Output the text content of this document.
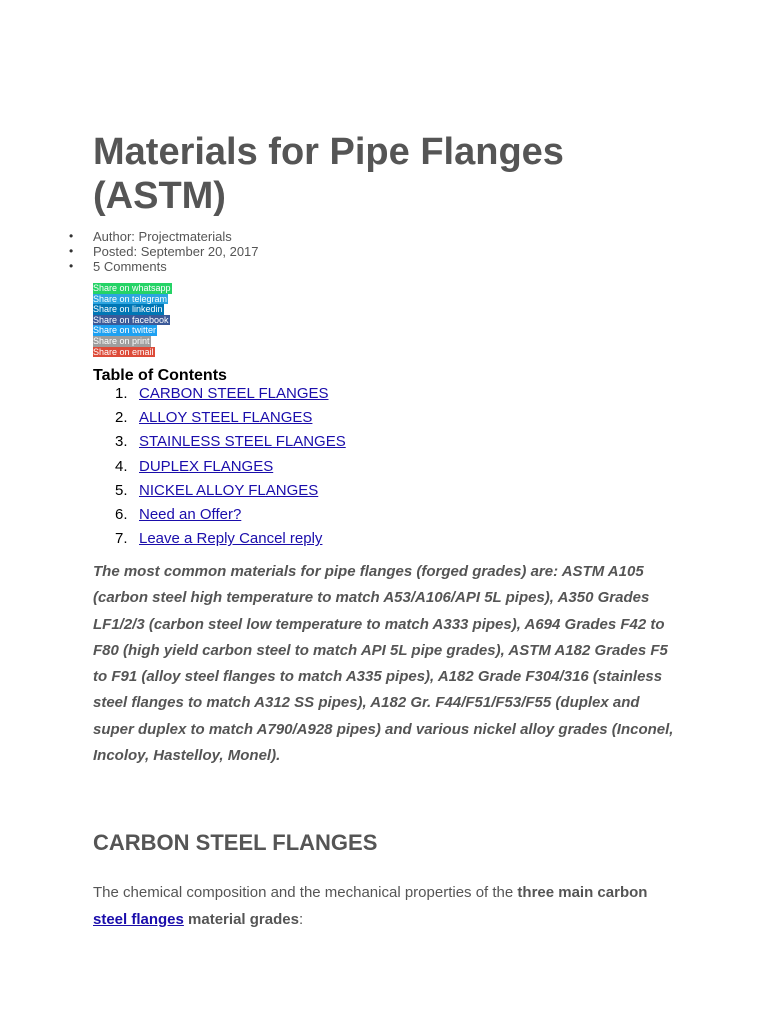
Materials for Pipe Flanges (ASTM)
• Author: Projectmaterials
• Posted: September 20, 2017
• 5 Comments
Share on whatsapp
Share on telegram
Share on linkedin
Share on facebook
Share on twitter
Share on print
Share on email
Table of Contents
1. CARBON STEEL FLANGES
2. ALLOY STEEL FLANGES
3. STAINLESS STEEL FLANGES
4. DUPLEX FLANGES
5. NICKEL ALLOY FLANGES
6. Need an Offer?
7. Leave a Reply Cancel reply

The most common materials for pipe flanges (forged grades) are: ASTM A105 (carbon steel high temperature to match A53/A106/API 5L pipes), A350 Grades LF1/2/3 (carbon steel low temperature to match A333 pipes), A694 Grades F42 to F80 (high yield carbon steel to match API 5L pipe grades), ASTM A182 Grades F5 to F91 (alloy steel flanges to match A335 pipes), A182 Grade F304/316 (stainless steel flanges to match A312 SS pipes), A182 Gr. F44/F51/F53/F55 (duplex and super duplex to match A790/A928 pipes) and various nickel alloy grades (Inconel, Incoloy, Hastelloy, Monel).

CARBON STEEL FLANGES

The chemical composition and the mechanical properties of the three main carbon steel flanges material grades:
